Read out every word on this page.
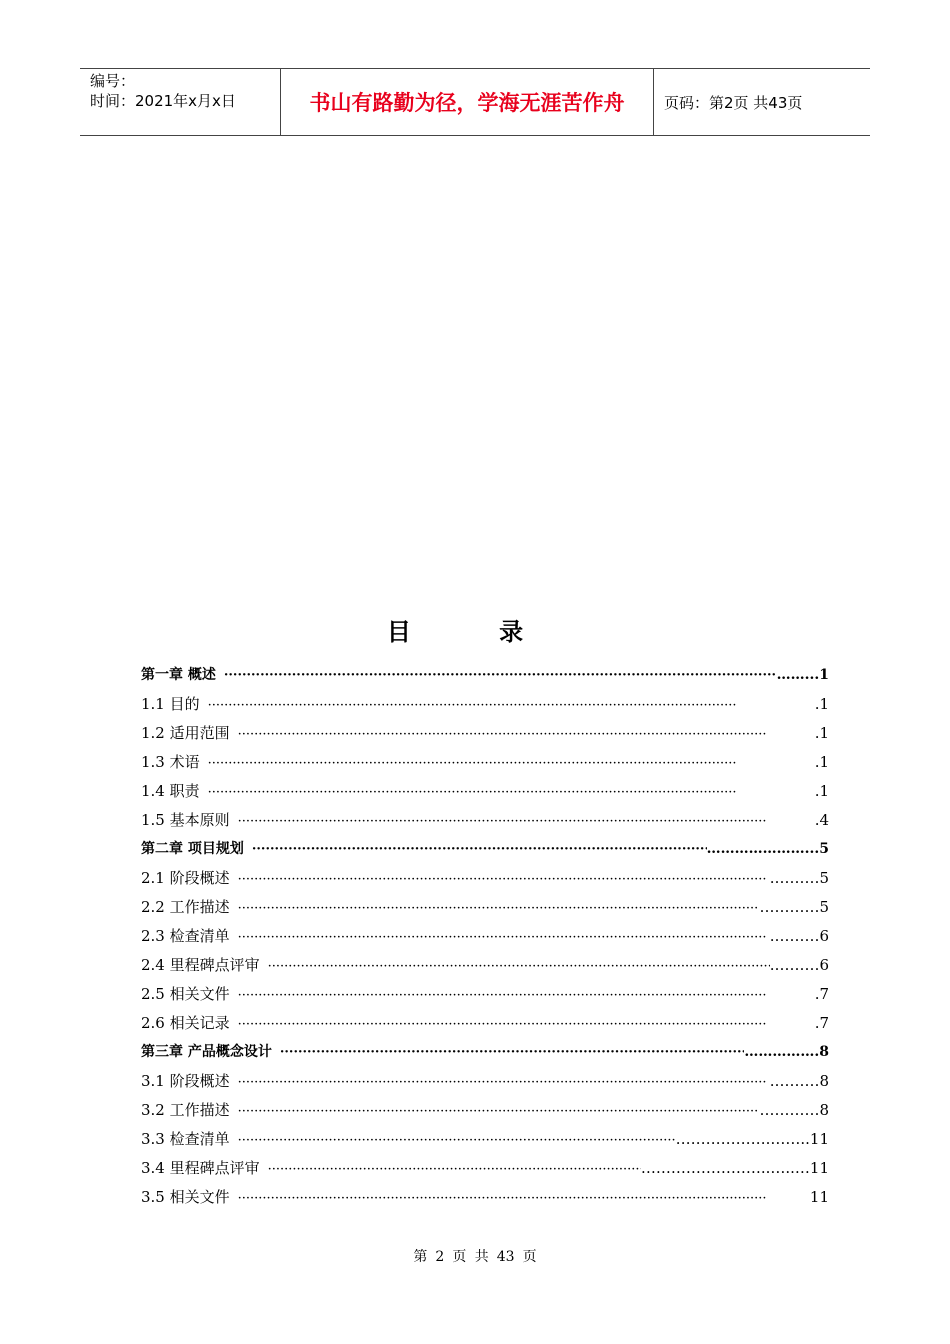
编号：
时间：2021年x月x日	书山有路勤为径，学海无涯苦作舟	页码：第2页 共43页
目 录
第一章 概述 ·····	……...1
1.1 目的 ·····	.1
1.2 适用范围 ·····	.1
1.3 术语 ·····	.1
1.4 职责 ·····	.1
1.5 基本原则 ·····	.4
第二章 项目规划 ·····	…………………...5
2.1 阶段概述 ·····	.………5
2.2 工作描述 ·····	…………5
2.3 检查清单 ·····	.………6
2.4 里程碑点评审 ·····	.………6
2.5 相关文件 ·····	.7
2.6 相关记录 ·····	.7
第三章 产品概念设计 ·····	…………….8
3.1 阶段概述 ·····	.………8
3.2 工作描述 ·····	…………8
3.3 检查清单 ·····	……………….……..11
3.4 里程碑点评审 ·····	……………………..…..…11
3.5 相关文件 ·····	11
第 2 页 共 43 页
